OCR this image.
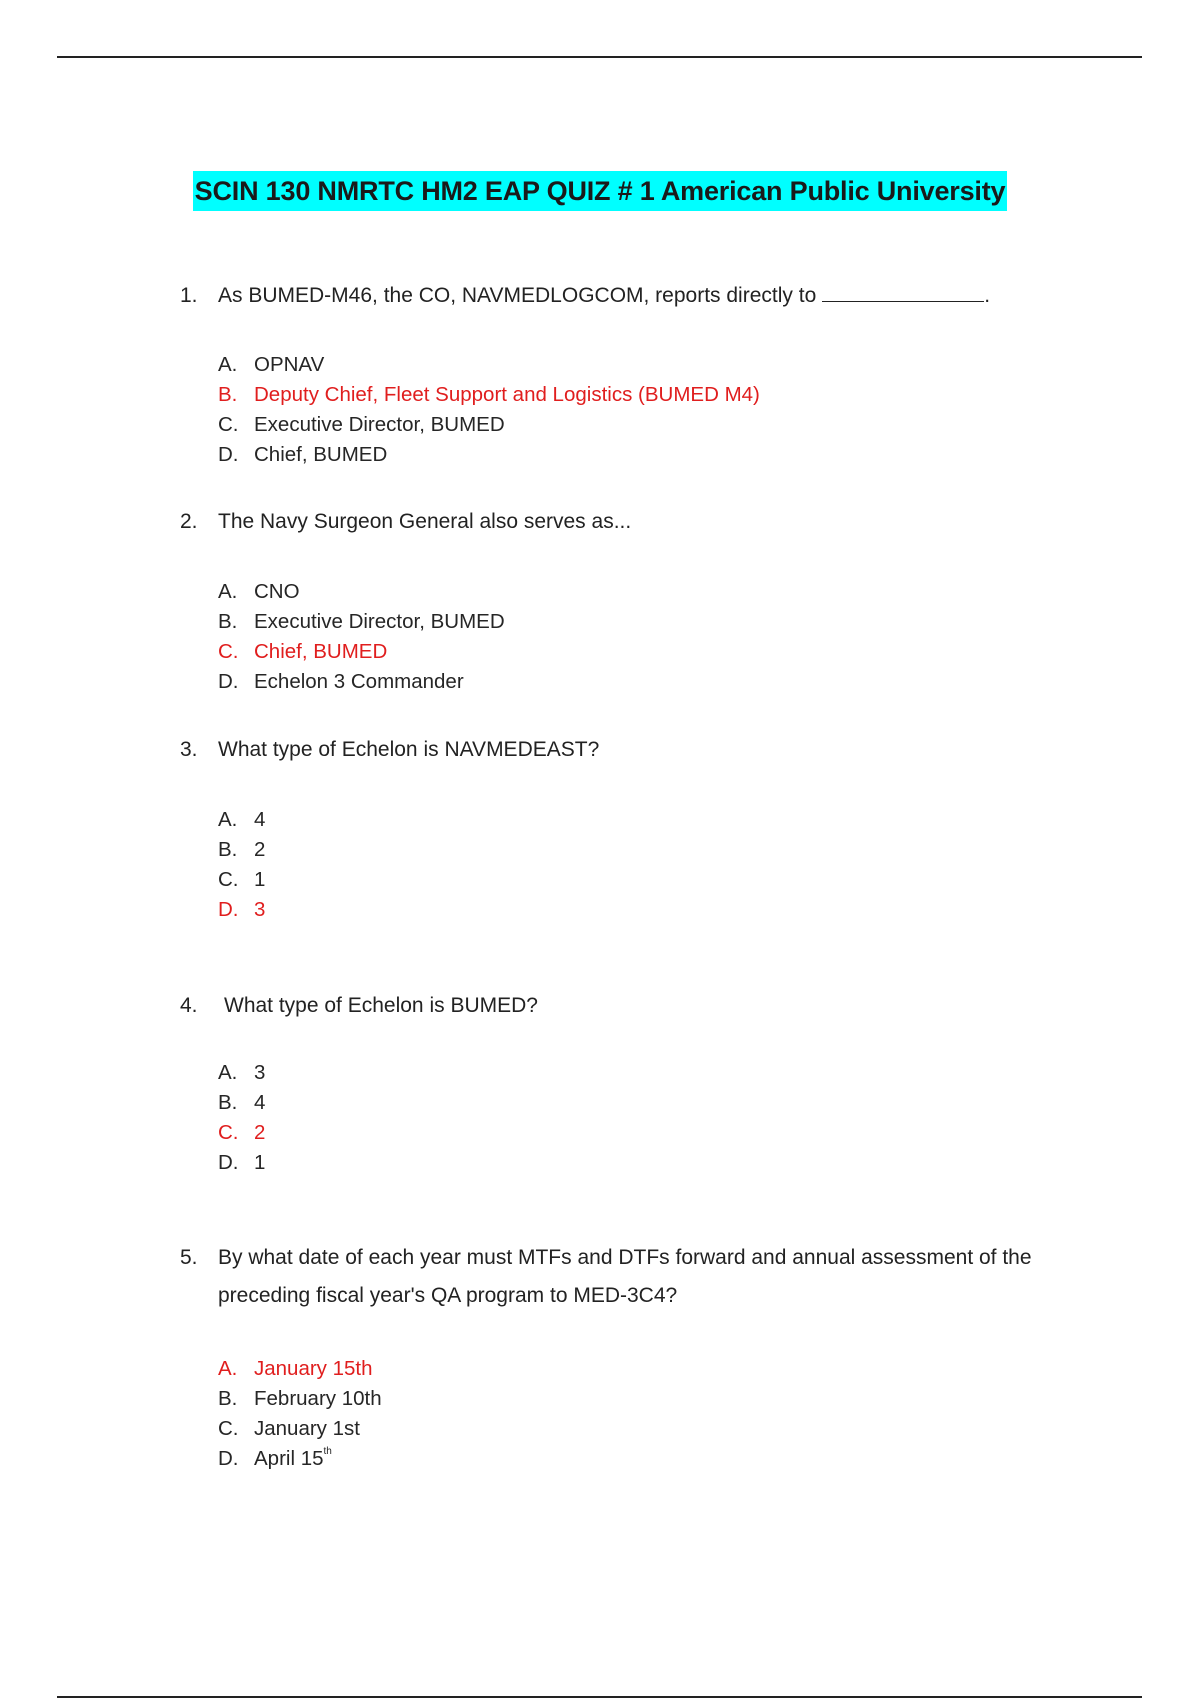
SCIN 130 NMRTC HM2 EAP QUIZ # 1 American Public University
1. As BUMED-M46, the CO, NAVMEDLOGCOM, reports directly to	.
A. OPNAV
B. Deputy Chief, Fleet Support and Logistics (BUMED M4)
C. Executive Director, BUMED
D. Chief, BUMED
2. The Navy Surgeon General also serves as...
A. CNO
B. Executive Director, BUMED
C. Chief, BUMED
D. Echelon 3 Commander
3. What type of Echelon is NAVMEDEAST?
A. 4
B. 2
C. 1
D. 3
4.	What type of Echelon is BUMED?
A. 3
B. 4
C. 2
D. 1
5. By what date of each year must MTFs and DTFs forward and annual assessment of the preceding fiscal year's QA program to MED-3C4?
A. January 15th
B. February 10th
C. January 1st
D. April 15 th
